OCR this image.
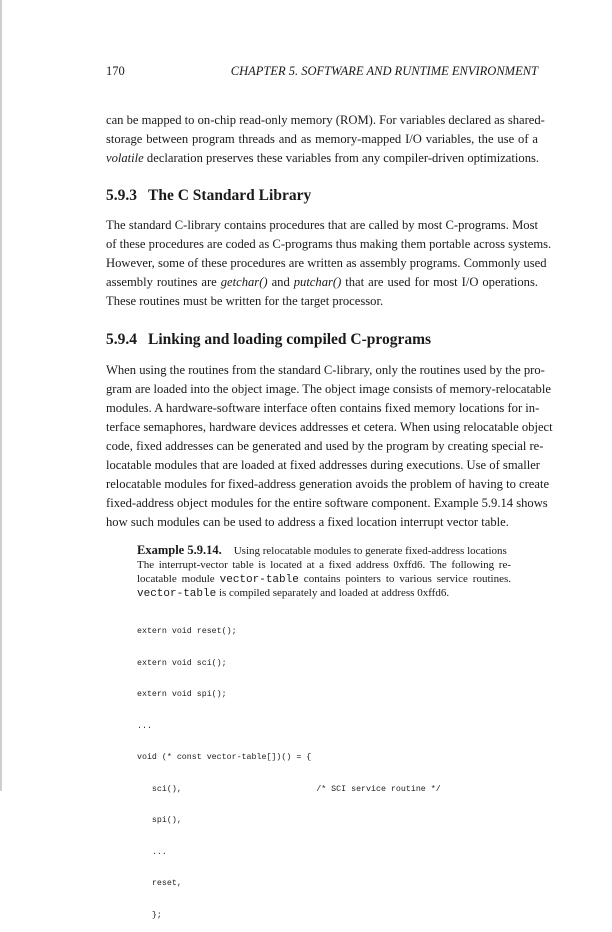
170	CHAPTER 5. SOFTWARE AND RUNTIME ENVIRONMENT
can be mapped to on-chip read-only memory (ROM). For variables declared as shared-
storage between program threads and as memory-mapped I/O variables, the use of a
volatile declaration preserves these variables from any compiler-driven optimizations.
5.9.3 The C Standard Library
The standard C-library contains procedures that are called by most C-programs. Most
of these procedures are coded as C-programs thus making them portable across systems.
However, some of these procedures are written as assembly programs. Commonly used
assembly routines are getchar() and putchar() that are used for most I/O operations.
These routines must be written for the target processor.
5.9.4 Linking and loading compiled C-programs
When using the routines from the standard C-library, only the routines used by the pro-
gram are loaded into the object image. The object image consists of memory-relocatable
modules. A hardware-software interface often contains fixed memory locations for in-
terface semaphores, hardware devices addresses et cetera. When using relocatable object
code, fixed addresses can be generated and used by the program by creating special re-
locatable modules that are loaded at fixed addresses during executions. Use of smaller
relocatable modules for fixed-address generation avoids the problem of having to create
fixed-address object modules for the entire software component. Example 5.9.14 shows
how such modules can be used to address a fixed location interrupt vector table.
Example 5.9.14. Using relocatable modules to generate fixed-address locations
The interrupt-vector table is located at a fixed address 0xffd6. The following re-
locatable module vector-table contains pointers to various service routines.
vector-table is compiled separately and loaded at address 0xffd6.

extern void reset();

extern void sci();

extern void spi();

...

void (* const vector-table[])() = {

sci(),                           /* SCI service routine */

spi(),

...

reset,

};
